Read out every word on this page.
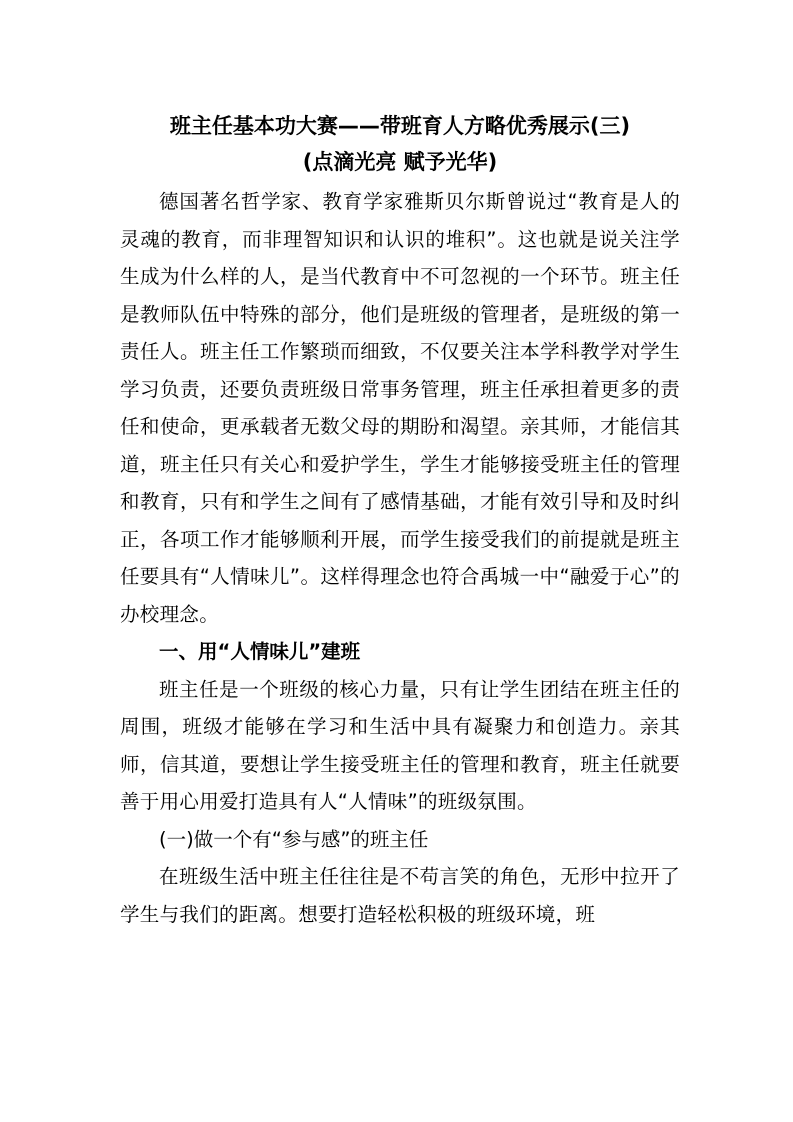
班主任基本功大赛——带班育人方略优秀展示(三)

(点滴光亮 赋予光华)

德国著名哲学家、教育学家雅斯贝尔斯曾说过“教育是人的灵魂的教育，而非理智知识和认识的堆积”。这也就是说关注学生成为什么样的人，是当代教育中不可忽视的一个环节。班主任是教师队伍中特殊的部分，他们是班级的管理者，是班级的第一责任人。班主任工作繁琐而细致，不仅要关注本学科教学对学生学习负责，还要负责班级日常事务管理，班主任承担着更多的责任和使命，更承载者无数父母的期盼和渴望。亲其师，才能信其道，班主任只有关心和爱护学生，学生才能够接受班主任的管理和教育，只有和学生之间有了感情基础，才能有效引导和及时纠正，各项工作才能够顺利开展，而学生接受我们的前提就是班主任要具有“人情味儿”。这样得理念也符合禹城一中“融爱于心”的办校理念。

一、用“人情味儿”建班

班主任是一个班级的核心力量，只有让学生团结在班主任的周围，班级才能够在学习和生活中具有凝聚力和创造力。亲其师，信其道，要想让学生接受班主任的管理和教育，班主任就要善于用心用爱打造具有人“人情味”的班级氛围。

(一)做一个有“参与感”的班主任

在班级生活中班主任往往是不苟言笑的角色，无形中拉开了学生与我们的距离。想要打造轻松积极的班级环境，班
